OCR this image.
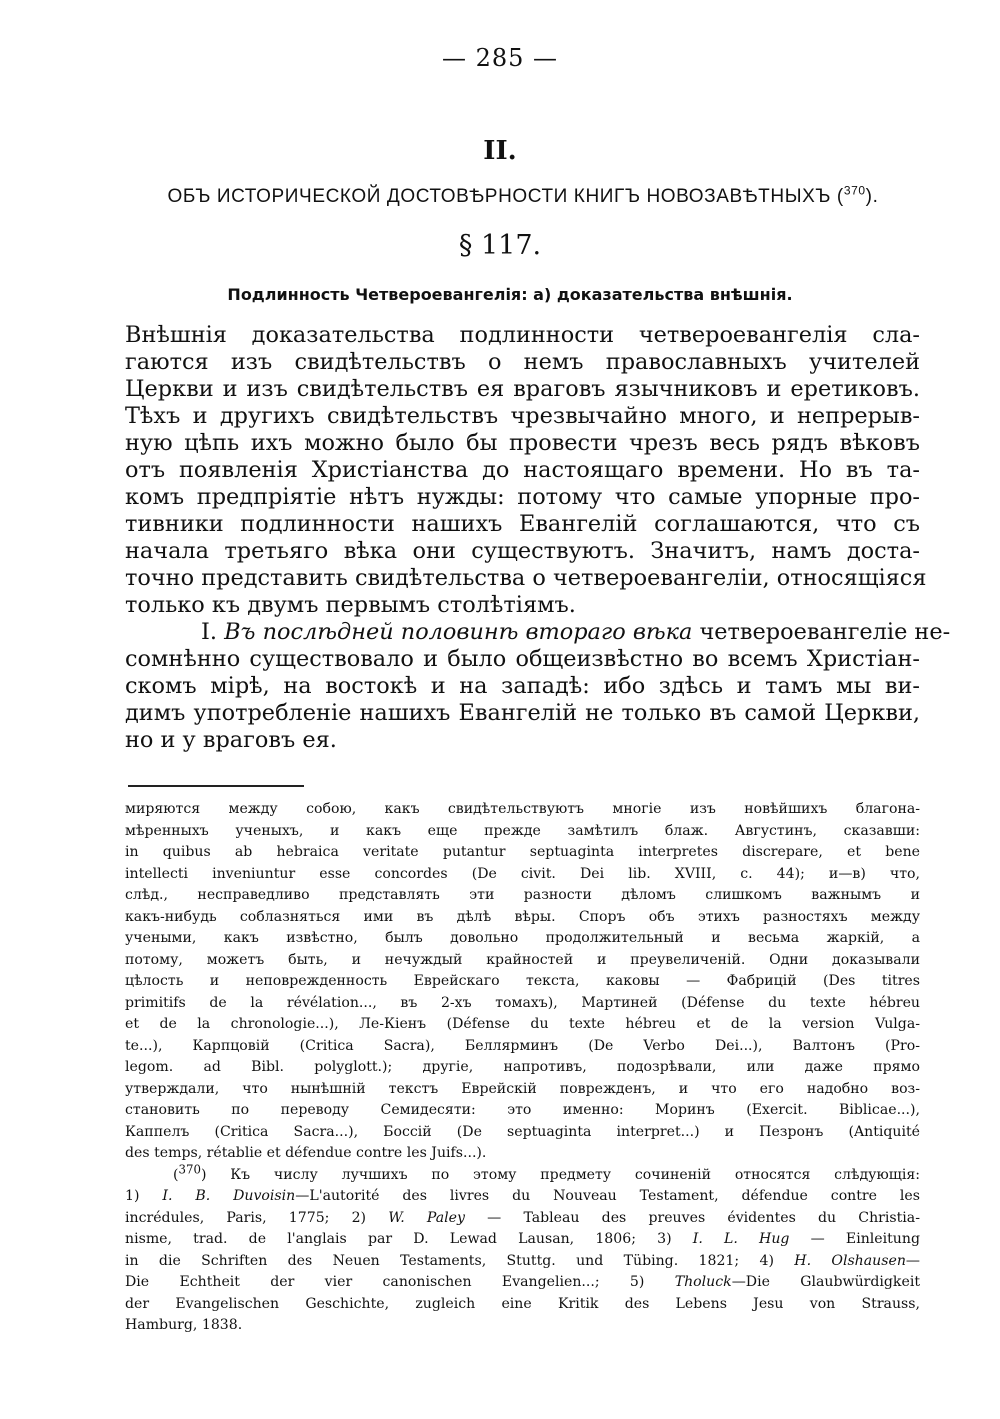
— 285 —
II.
ОБЪ ИСТОРИЧЕСКОЙ ДОСТОВѢРНОСТИ КНИГЪ НОВОЗАВѢТНЫХЪ ($^{370}$).
§ 117.
Подлинность Четвероевангелія: а) доказательства внѣшнія.
Внѣшнія доказательства подлинности четвероевангелія сла-
гаются изъ свидѣтельствъ о немъ православныхъ учителей
Церкви и изъ свидѣтельствъ ея враговъ язычниковъ и еретиковъ.
Тѣхъ и другихъ свидѣтельствъ чрезвычайно много, и непрерыв-
ную цѣпь ихъ можно было бы провести чрезъ весь рядъ вѣковъ
отъ появленія Христіанства до настоящаго времени. Но въ та-
комъ предпріятіе нѣтъ нужды: потому что самые упорные про-
тивники подлинности нашихъ Евангелій соглашаются, что съ
начала третьяго вѣка они существуютъ. Значитъ, намъ доста-
точно представить свидѣтельства о четвероевангеліи, относящіяся
только къ двумъ первымъ столѣтіямъ.
I. Въ послѣдней половинѣ втораго вѣка четвероевангеліе не-
сомнѣнно существовало и было общеизвѣстно во всемъ Христіан-
скомъ мірѣ, на востокѣ и на западѣ: ибо здѣсь и тамъ мы ви-
димъ употребленіе нашихъ Евангелій не только въ самой Церкви,
но и у враговъ ея.
миряются между собою, какъ свидѣтельствуютъ многіе изъ новѣйшихъ благона-
мѣренныхъ ученыхъ, и какъ еще прежде замѣтилъ блаж. Августинъ, сказавши:
in quibus ab hebraica veritate putantur septuaginta interpretes discrepare, et bene
intellecti inveniuntur esse concordes (De civit. Dei lib. XVIII, c. 44); и—в) что,
слѣд., несправедливо представлять эти разности дѣломъ слишкомъ важнымъ и
какъ-нибудь соблазняться ими въ дѣлѣ вѣры. Споръ объ этихъ разностяхъ между
учеными, какъ извѣстно, былъ довольно продолжительный и весьма жаркій, а
потому, можетъ быть, и нечуждый крайностей и преувеличеній. Одни доказывали
цѣлость и неповрежденность Еврейскаго текста, каковы — Фабрицій (Des titres
primitifs de la révélation..., въ 2-хъ томахъ), Мартиней (Défense du texte hébreu
et de la chronologie...), Ле-Кіенъ (Défense du texte hébreu et de la version Vulga-
te...), Карпцовій (Critica Sacra), Беллярминъ (De Verbo Dei...), Валтонъ (Pro-
legom. ad Bibl. polyglott.); другіе, напротивъ, подозрѣвали, или даже прямо
утверждали, что нынѣшній текстъ Еврейскій поврежденъ, и что его надобно воз-
становить по переводу Семидесяти: это именно: Моринъ (Exercit. Biblicae...),
Каппелъ (Critica Sacra...), Боссій (De septuaginta interpret...) и Пезронъ (Antiquité
des temps, rétablie et défendue contre les Juifs...).
($^{370}$) Къ числу лучшихъ по этому предмету сочиненій относятся слѣдующія:
1) I. B. Duvoisin—L'autorité des livres du Nouveau Testament, défendue contre les
incrédules, Paris, 1775; 2) W. Paley — Tableau des preuves évidentes du Christia-
nisme, trad. de l'anglais par D. Lewad Lausan, 1806; 3) I. L. Hug — Einleitung
in die Schriften des Neuen Testaments, Stuttg. und Tübing. 1821; 4) H. Olshausen—
Die Echtheit der vier canonischen Evangelien...; 5) Tholuck—Die Glaubwürdigkeit
der Evangelischen Geschichte, zugleich eine Kritik des Lebens Jesu von Strauss,
Hamburg, 1838.
